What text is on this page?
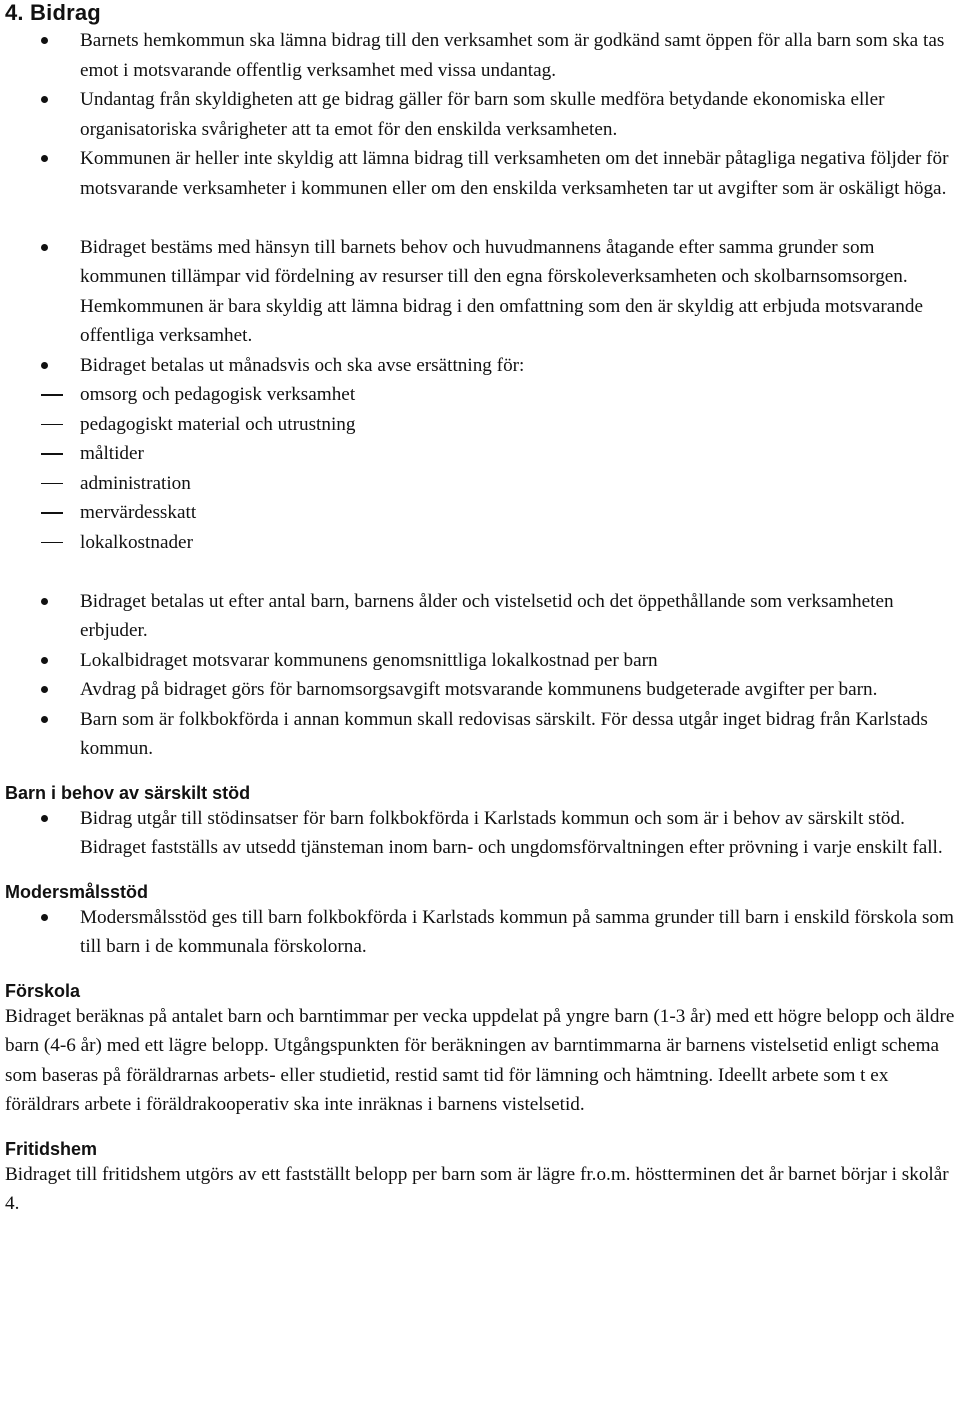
4. Bidrag
Barnets hemkommun ska lämna bidrag till den verksamhet som är godkänd samt öppen för alla barn som ska tas emot i motsvarande offentlig verksamhet med vissa undantag.
Undantag från skyldigheten att ge bidrag gäller för barn som skulle medföra betydande ekonomiska eller organisatoriska svårigheter att ta emot för den enskilda verksamheten.
Kommunen är heller inte skyldig att lämna bidrag till verksamheten om det innebär påtagliga negativa följder för motsvarande verksamheter i kommunen eller om den enskilda verksamheten tar ut avgifter som är oskäligt höga.
Bidraget bestäms med hänsyn till barnets behov och huvudmannens åtagande efter samma grunder som kommunen tillämpar vid fördelning av resurser till den egna förskoleverksamheten och skolbarnsomsorgen. Hemkommunen är bara skyldig att lämna bidrag i den omfattning som den är skyldig att erbjuda motsvarande offentliga verksamhet.
Bidraget betalas ut månadsvis och ska avse ersättning för:
omsorg och pedagogisk verksamhet
pedagogiskt material och utrustning
måltider
administration
mervärdesskatt
lokalkostnader
Bidraget betalas ut efter antal barn, barnens ålder och vistelsetid och det öppethållande som verksamheten erbjuder.
Lokalbidraget motsvarar kommunens genomsnittliga lokalkostnad per barn
Avdrag på bidraget görs för barnomsorgsavgift motsvarande kommunens budgeterade avgifter per barn.
Barn som är folkbokförda i annan kommun skall redovisas särskilt. För dessa utgår inget bidrag från Karlstads kommun.
Barn i behov av särskilt stöd
Bidrag utgår till stödinsatser för barn folkbokförda i Karlstads kommun och som är i behov av särskilt stöd. Bidraget fastställs av utsedd tjänsteman inom barn- och ungdomsförvaltningen efter prövning i varje enskilt fall.
Modersmålsstöd
Modersmålsstöd ges till barn folkbokförda i Karlstads kommun på samma grunder till barn i enskild förskola som till barn i de kommunala förskolorna.
Förskola

Bidraget beräknas på antalet barn och barntimmar per vecka uppdelat på yngre barn (1-3 år) med ett högre belopp och äldre barn (4-6 år) med ett lägre belopp. Utgångspunkten för beräkningen av barntimmarna är barnens vistelsetid enligt schema som baseras på föräldrarnas arbets- eller studietid, restid samt tid för lämning och hämtning. Ideellt arbete som t ex föräldrars arbete i föräldrakooperativ ska inte inräknas i barnens vistelsetid.

Fritidshem

Bidraget till fritidshem utgörs av ett fastställt belopp per barn som är lägre fr.o.m. höstterminen det år barnet börjar i skolår 4.
